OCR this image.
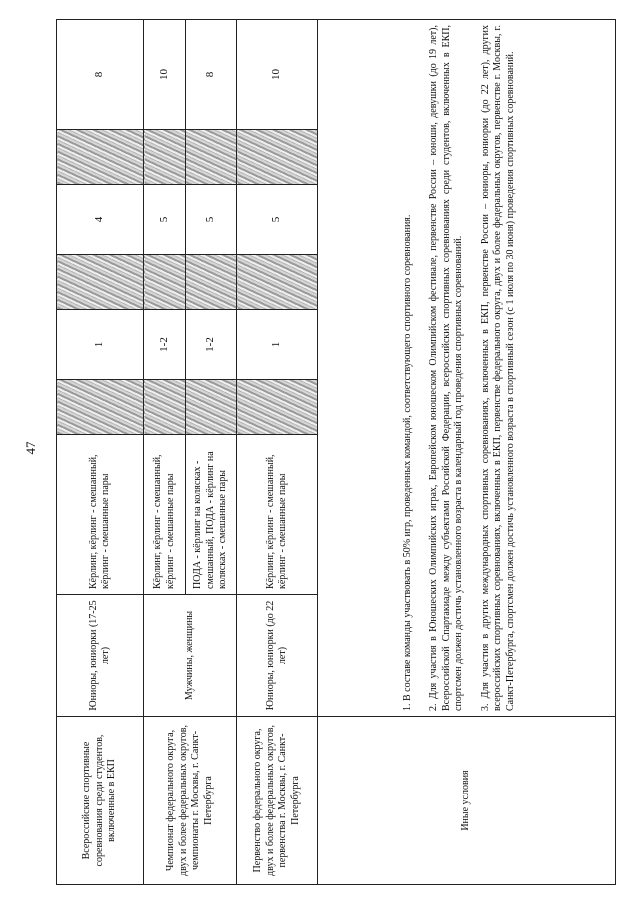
47
Всероссийские спортивные соревнования среди студентов, включенные в ЕКП	Юниоры, юниорки (17-25 лет)	Кёрлинг, кёрлинг - смешанный, кёрлинг - смешанные пары		1		4		8
Чемпионат федерального округа, двух и более федеральных округов, чемпионаты г. Москвы, г. Санкт-Петербурга	Мужчины, женщины	Кёрлинг, кёрлинг - смешанный, кёрлинг - смешанные пары		1-2		5		10
		ПОДА - кёрлинг на колясках - смешанный, ПОДА - кёрлинг на колясках - смешанные пары		1-2		5		8
Первенство федерального округа, двух и более федеральных округов, первенства г. Москвы, г. Санкт-Петербурга	Юниоры, юниорки (до 22 лет)	Кёрлинг, кёрлинг - смешанный, кёрлинг - смешанные пары		1		5		10
Иные условия	1. В составе команды участвовать в 50% игр, проведенных командой, соответствующего спортивного соревнования. 2. Для участия в Юношеских Олимпийских играх, Европейском юношеском Олимпийском фестивале, первенстве России – юноши, девушки (до 19 лет), Всероссийской Спартакиаде между субъектами Российской Федерации, всероссийских спортивных соревнованиях среди студентов, включенных в ЕКП, спортсмен должен достичь установленного возраста в календарный год проведения спортивных соревнований. 3. Для участия в других международных спортивных соревнованиях, включенных в ЕКП, первенстве России – юниоры, юниорки (до 22 лет), других всероссийских спортивных соревнованиях, включенных в ЕКП, первенстве федерального округа, двух и более федеральных округов, первенстве г. Москвы, г. Санкт-Петербурга, спортсмен должен достичь установленного возраста в спортивный сезон (с 1 июля по 30 июня) проведения спортивных соревнований.							
